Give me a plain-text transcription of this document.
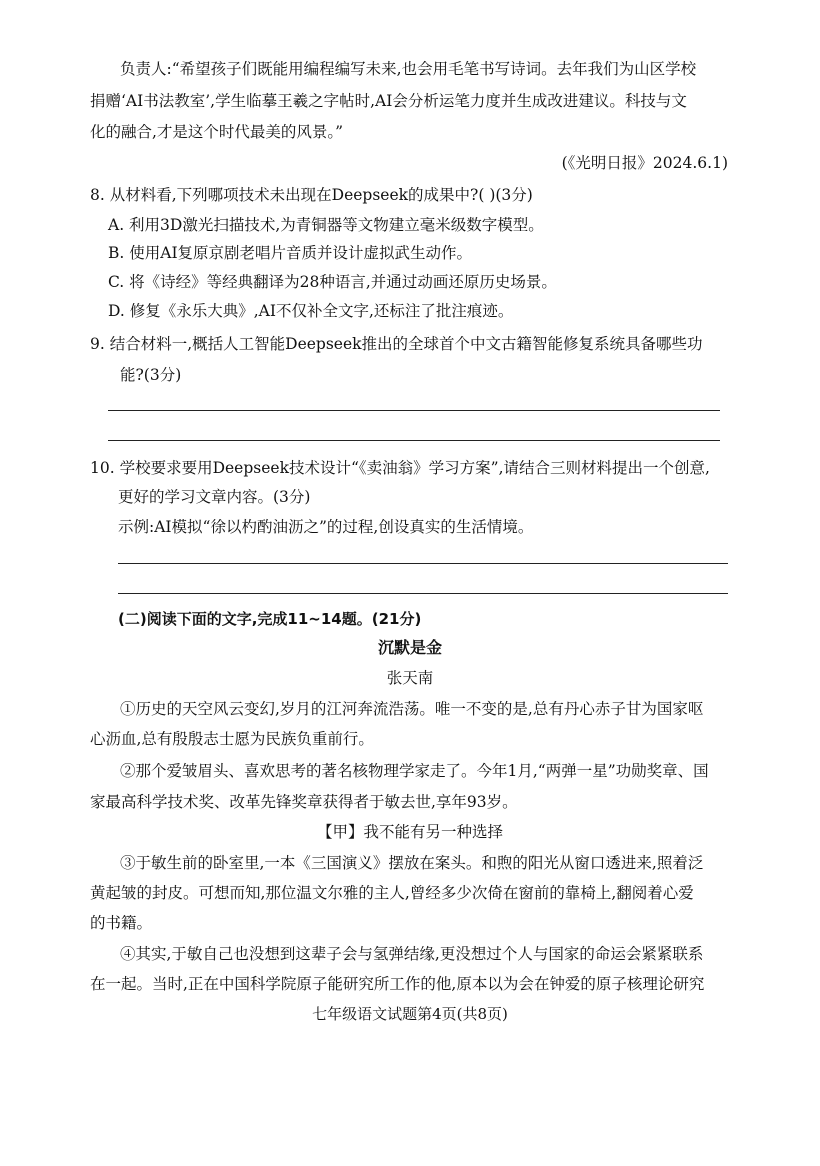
负责人:“希望孩子们既能用编程编写未来,也会用毛笔书写诗词。去年我们为山区学校
捐赠‘AI书法教室’,学生临摹王羲之字帖时,AI会分析运笔力度并生成改进建议。科技与文
化的融合,才是这个时代最美的风景。”
(《光明日报》2024.6.1)
8. 从材料看,下列哪项技术未出现在Deepseek的成果中?( )(3分)
A. 利用3D激光扫描技术,为青铜器等文物建立毫米级数字模型。
B. 使用AI复原京剧老唱片音质并设计虚拟武生动作。
C. 将《诗经》等经典翻译为28种语言,并通过动画还原历史场景。
D. 修复《永乐大典》,AI不仅补全文字,还标注了批注痕迹。
9. 结合材料一,概括人工智能Deepseek推出的全球首个中文古籍智能修复系统具备哪些功
能?(3分)
10. 学校要求要用Deepseek技术设计“《卖油翁》学习方案”,请结合三则材料提出一个创意,
更好的学习文章内容。(3分)
示例:AI模拟“徐以杓酌油沥之”的过程,创设真实的生活情境。
(二)阅读下面的文字,完成11~14题。(21分)
沉默是金
张天南
①历史的天空风云变幻,岁月的江河奔流浩荡。唯一不变的是,总有丹心赤子甘为国家呕
心沥血,总有殷殷志士愿为民族负重前行。
②那个爱皱眉头、喜欢思考的著名核物理学家走了。今年1月,“两弹一星”功勋奖章、国
家最高科学技术奖、改革先锋奖章获得者于敏去世,享年93岁。
【甲】我不能有另一种选择
③于敏生前的卧室里,一本《三国演义》摆放在案头。和煦的阳光从窗口透进来,照着泛
黄起皱的封皮。可想而知,那位温文尔雅的主人,曾经多少次倚在窗前的靠椅上,翻阅着心爱
的书籍。
④其实,于敏自己也没想到这辈子会与氢弹结缘,更没想过个人与国家的命运会紧紧联系
在一起。当时,正在中国科学院原子能研究所工作的他,原本以为会在钟爱的原子核理论研究
七年级语文试题第4页(共8页)
